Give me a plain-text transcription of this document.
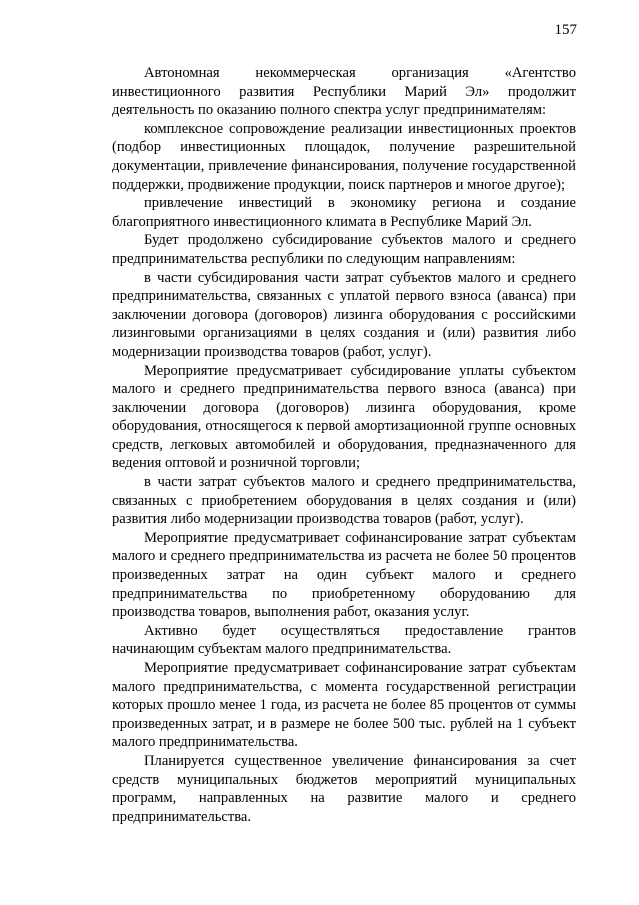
157

Автономная некоммерческая организация «Агентство инвестиционного развития Республики Марий Эл» продолжит деятельность по оказанию полного спектра услуг предпринимателям:

комплексное сопровождение реализации инвестиционных проектов (подбор инвестиционных площадок, получение разрешительной документации, привлечение финансирования, получение государственной поддержки, продвижение продукции, поиск партнеров и многое другое);

привлечение инвестиций в экономику региона и создание благоприятного инвестиционного климата в Республике Марий Эл.

Будет продолжено субсидирование субъектов малого и среднего предпринимательства республики по следующим направлениям:

в части субсидирования части затрат субъектов малого и среднего предпринимательства, связанных с уплатой первого взноса (аванса) при заключении договора (договоров) лизинга оборудования с российскими лизинговыми организациями в целях создания и (или) развития либо модернизации производства товаров (работ, услуг).

Мероприятие предусматривает субсидирование уплаты субъектом малого и среднего предпринимательства первого взноса (аванса) при заключении договора (договоров) лизинга оборудования, кроме оборудования, относящегося к первой амортизационной группе основных средств, легковых автомобилей и оборудования, предназначенного для ведения оптовой и розничной торговли;

в части затрат субъектов малого и среднего предпринимательства, связанных с приобретением оборудования в целях создания и (или) развития либо модернизации производства товаров (работ, услуг).

Мероприятие предусматривает софинансирование затрат субъектам малого и среднего предпринимательства из расчета не более 50 процентов произведенных затрат на один субъект малого и среднего предпринимательства по приобретенному оборудованию для производства товаров, выполнения работ, оказания услуг.

Активно будет осуществляться предоставление грантов начинающим субъектам малого предпринимательства.

Мероприятие предусматривает софинансирование затрат субъектам малого предпринимательства, с момента государственной регистрации которых прошло менее 1 года, из расчета не более 85 процентов от суммы произведенных затрат, и в размере не более 500 тыс. рублей на 1 субъект малого предпринимательства.

Планируется существенное увеличение финансирования за счет средств муниципальных бюджетов мероприятий муниципальных программ, направленных на развитие малого и среднего предпринимательства.
